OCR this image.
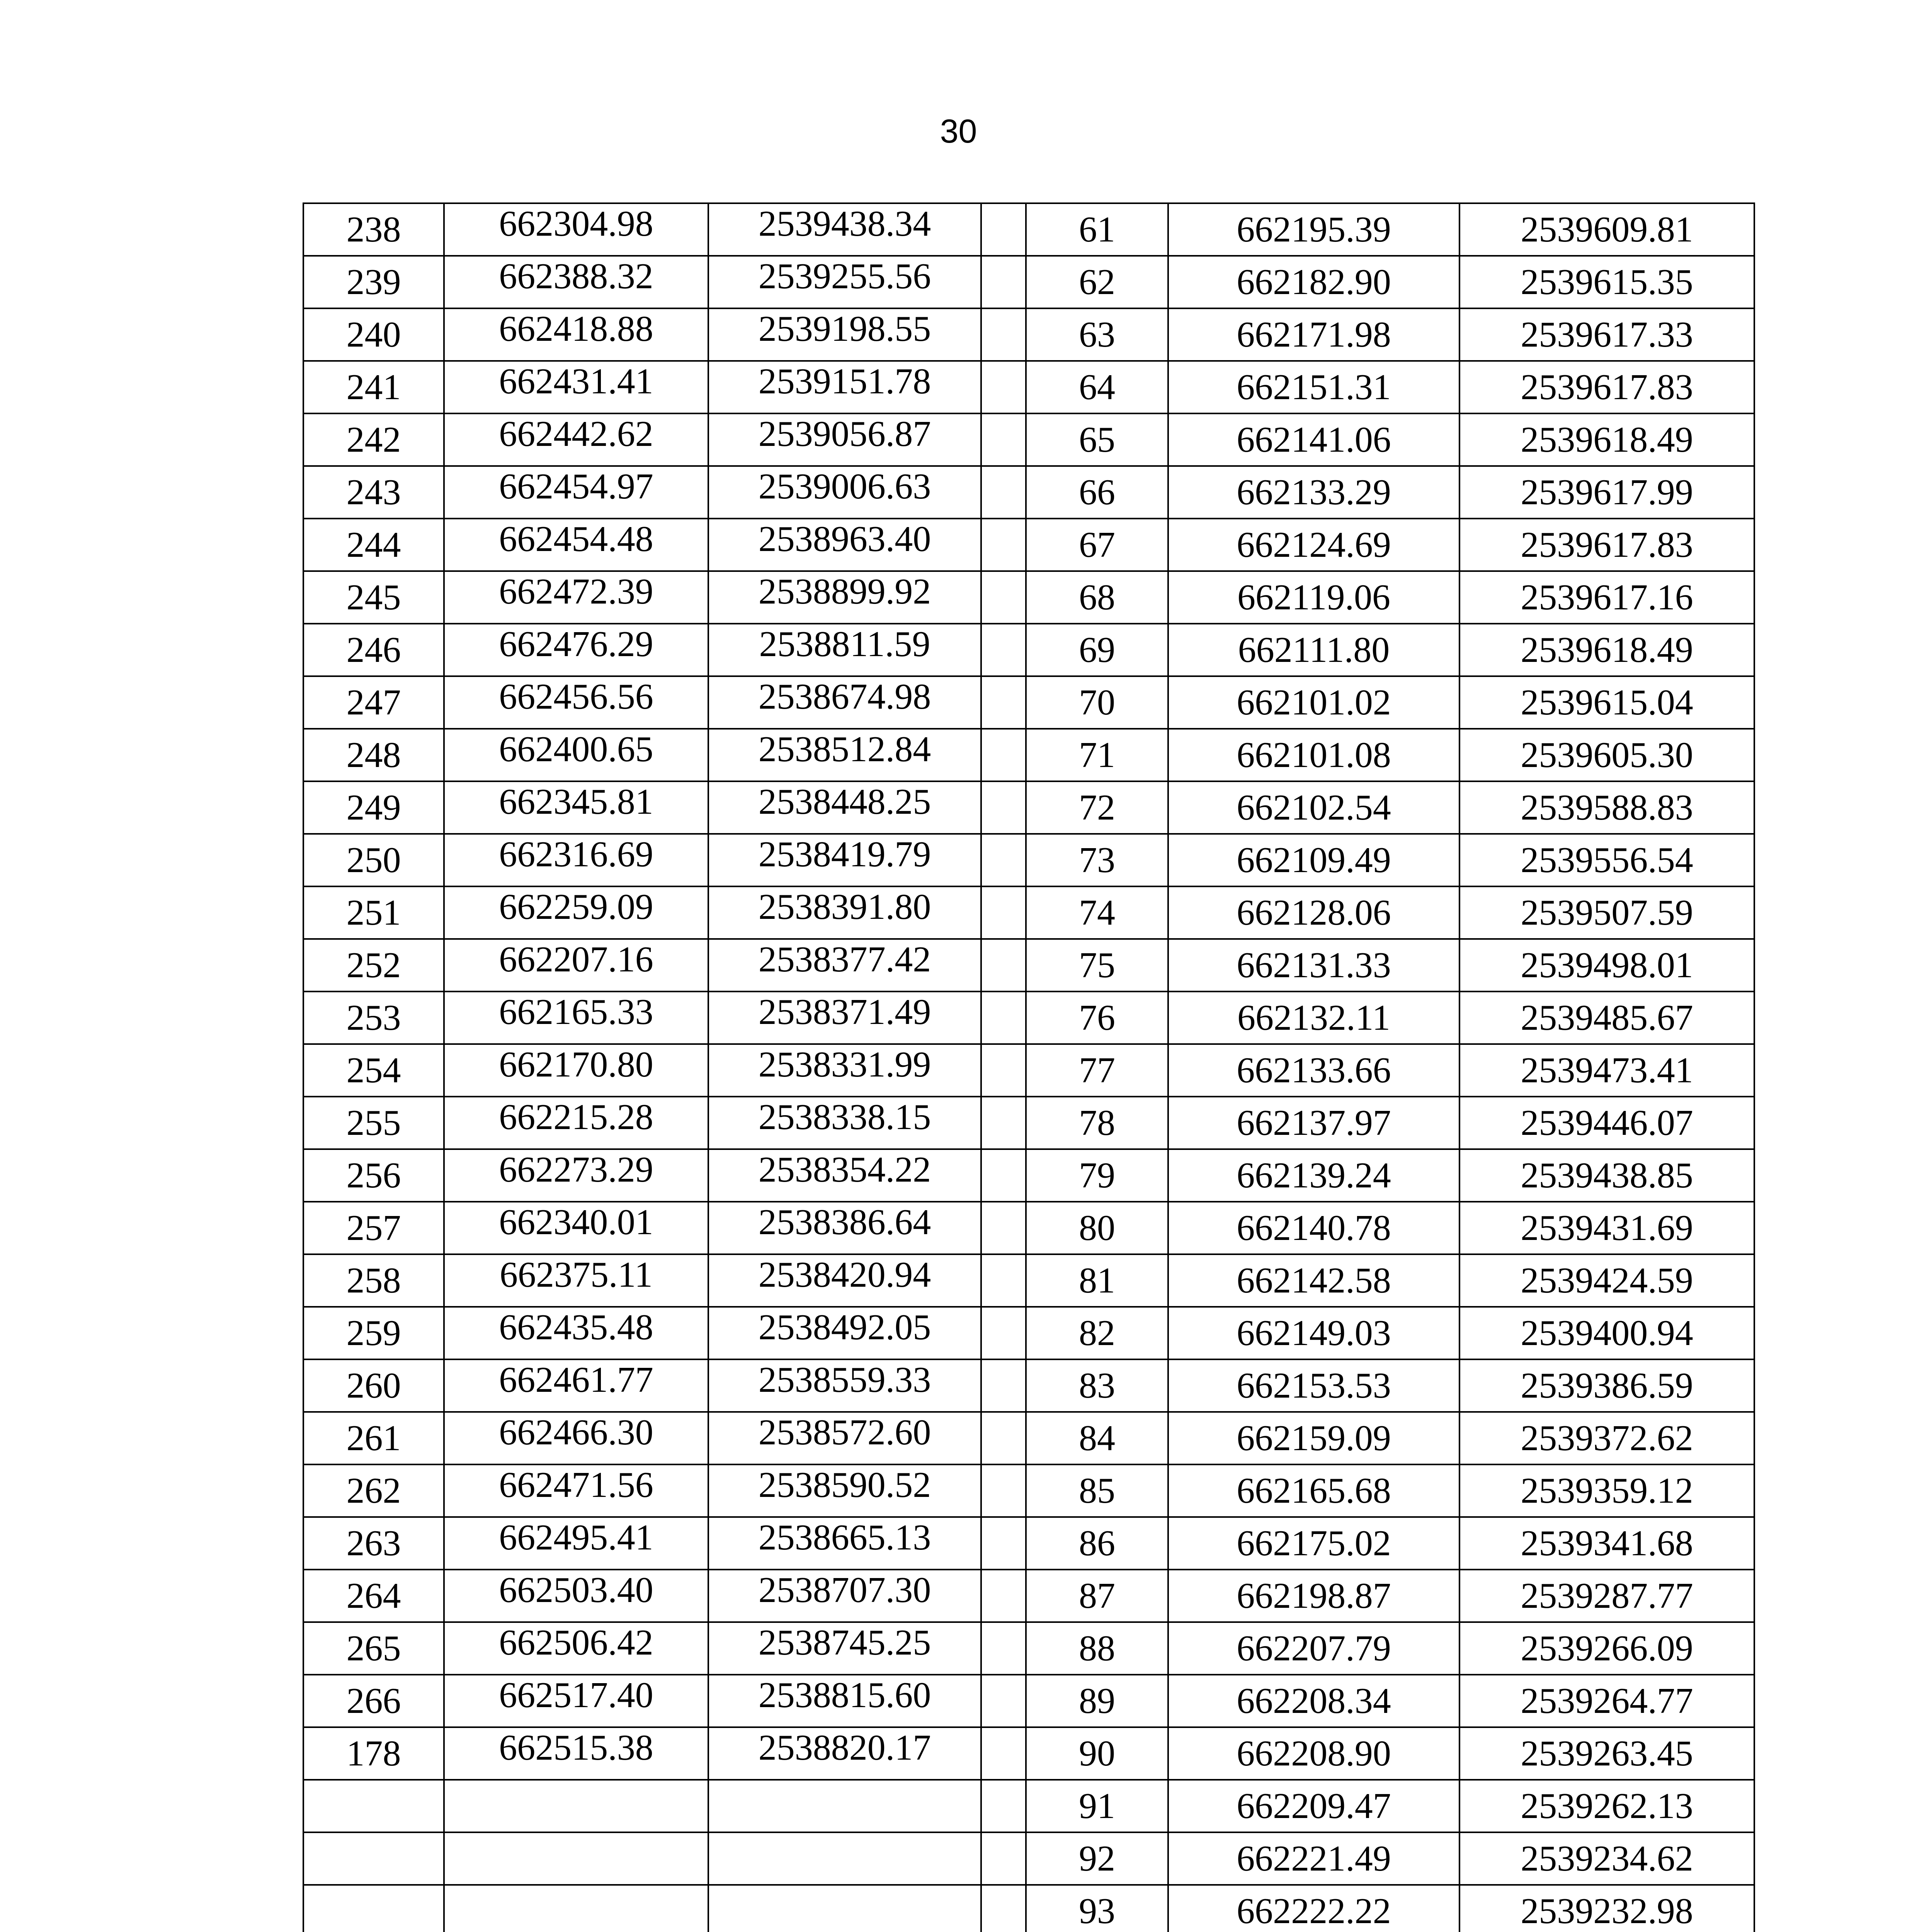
30
238	662304.98	2539438.34		61	662195.39	2539609.81
239	662388.32	2539255.56		62	662182.90	2539615.35
240	662418.88	2539198.55		63	662171.98	2539617.33
241	662431.41	2539151.78		64	662151.31	2539617.83
242	662442.62	2539056.87		65	662141.06	2539618.49
243	662454.97	2539006.63		66	662133.29	2539617.99
244	662454.48	2538963.40		67	662124.69	2539617.83
245	662472.39	2538899.92		68	662119.06	2539617.16
246	662476.29	2538811.59		69	662111.80	2539618.49
247	662456.56	2538674.98		70	662101.02	2539615.04
248	662400.65	2538512.84		71	662101.08	2539605.30
249	662345.81	2538448.25		72	662102.54	2539588.83
250	662316.69	2538419.79		73	662109.49	2539556.54
251	662259.09	2538391.80		74	662128.06	2539507.59
252	662207.16	2538377.42		75	662131.33	2539498.01
253	662165.33	2538371.49		76	662132.11	2539485.67
254	662170.80	2538331.99		77	662133.66	2539473.41
255	662215.28	2538338.15		78	662137.97	2539446.07
256	662273.29	2538354.22		79	662139.24	2539438.85
257	662340.01	2538386.64		80	662140.78	2539431.69
258	662375.11	2538420.94		81	662142.58	2539424.59
259	662435.48	2538492.05		82	662149.03	2539400.94
260	662461.77	2538559.33		83	662153.53	2539386.59
261	662466.30	2538572.60		84	662159.09	2539372.62
262	662471.56	2538590.52		85	662165.68	2539359.12
263	662495.41	2538665.13		86	662175.02	2539341.68
264	662503.40	2538707.30		87	662198.87	2539287.77
265	662506.42	2538745.25		88	662207.79	2539266.09
266	662517.40	2538815.60		89	662208.34	2539264.77
178	662515.38	2538820.17		90	662208.90	2539263.45
				91	662209.47	2539262.13
				92	662221.49	2539234.62
				93	662222.22	2539232.98
